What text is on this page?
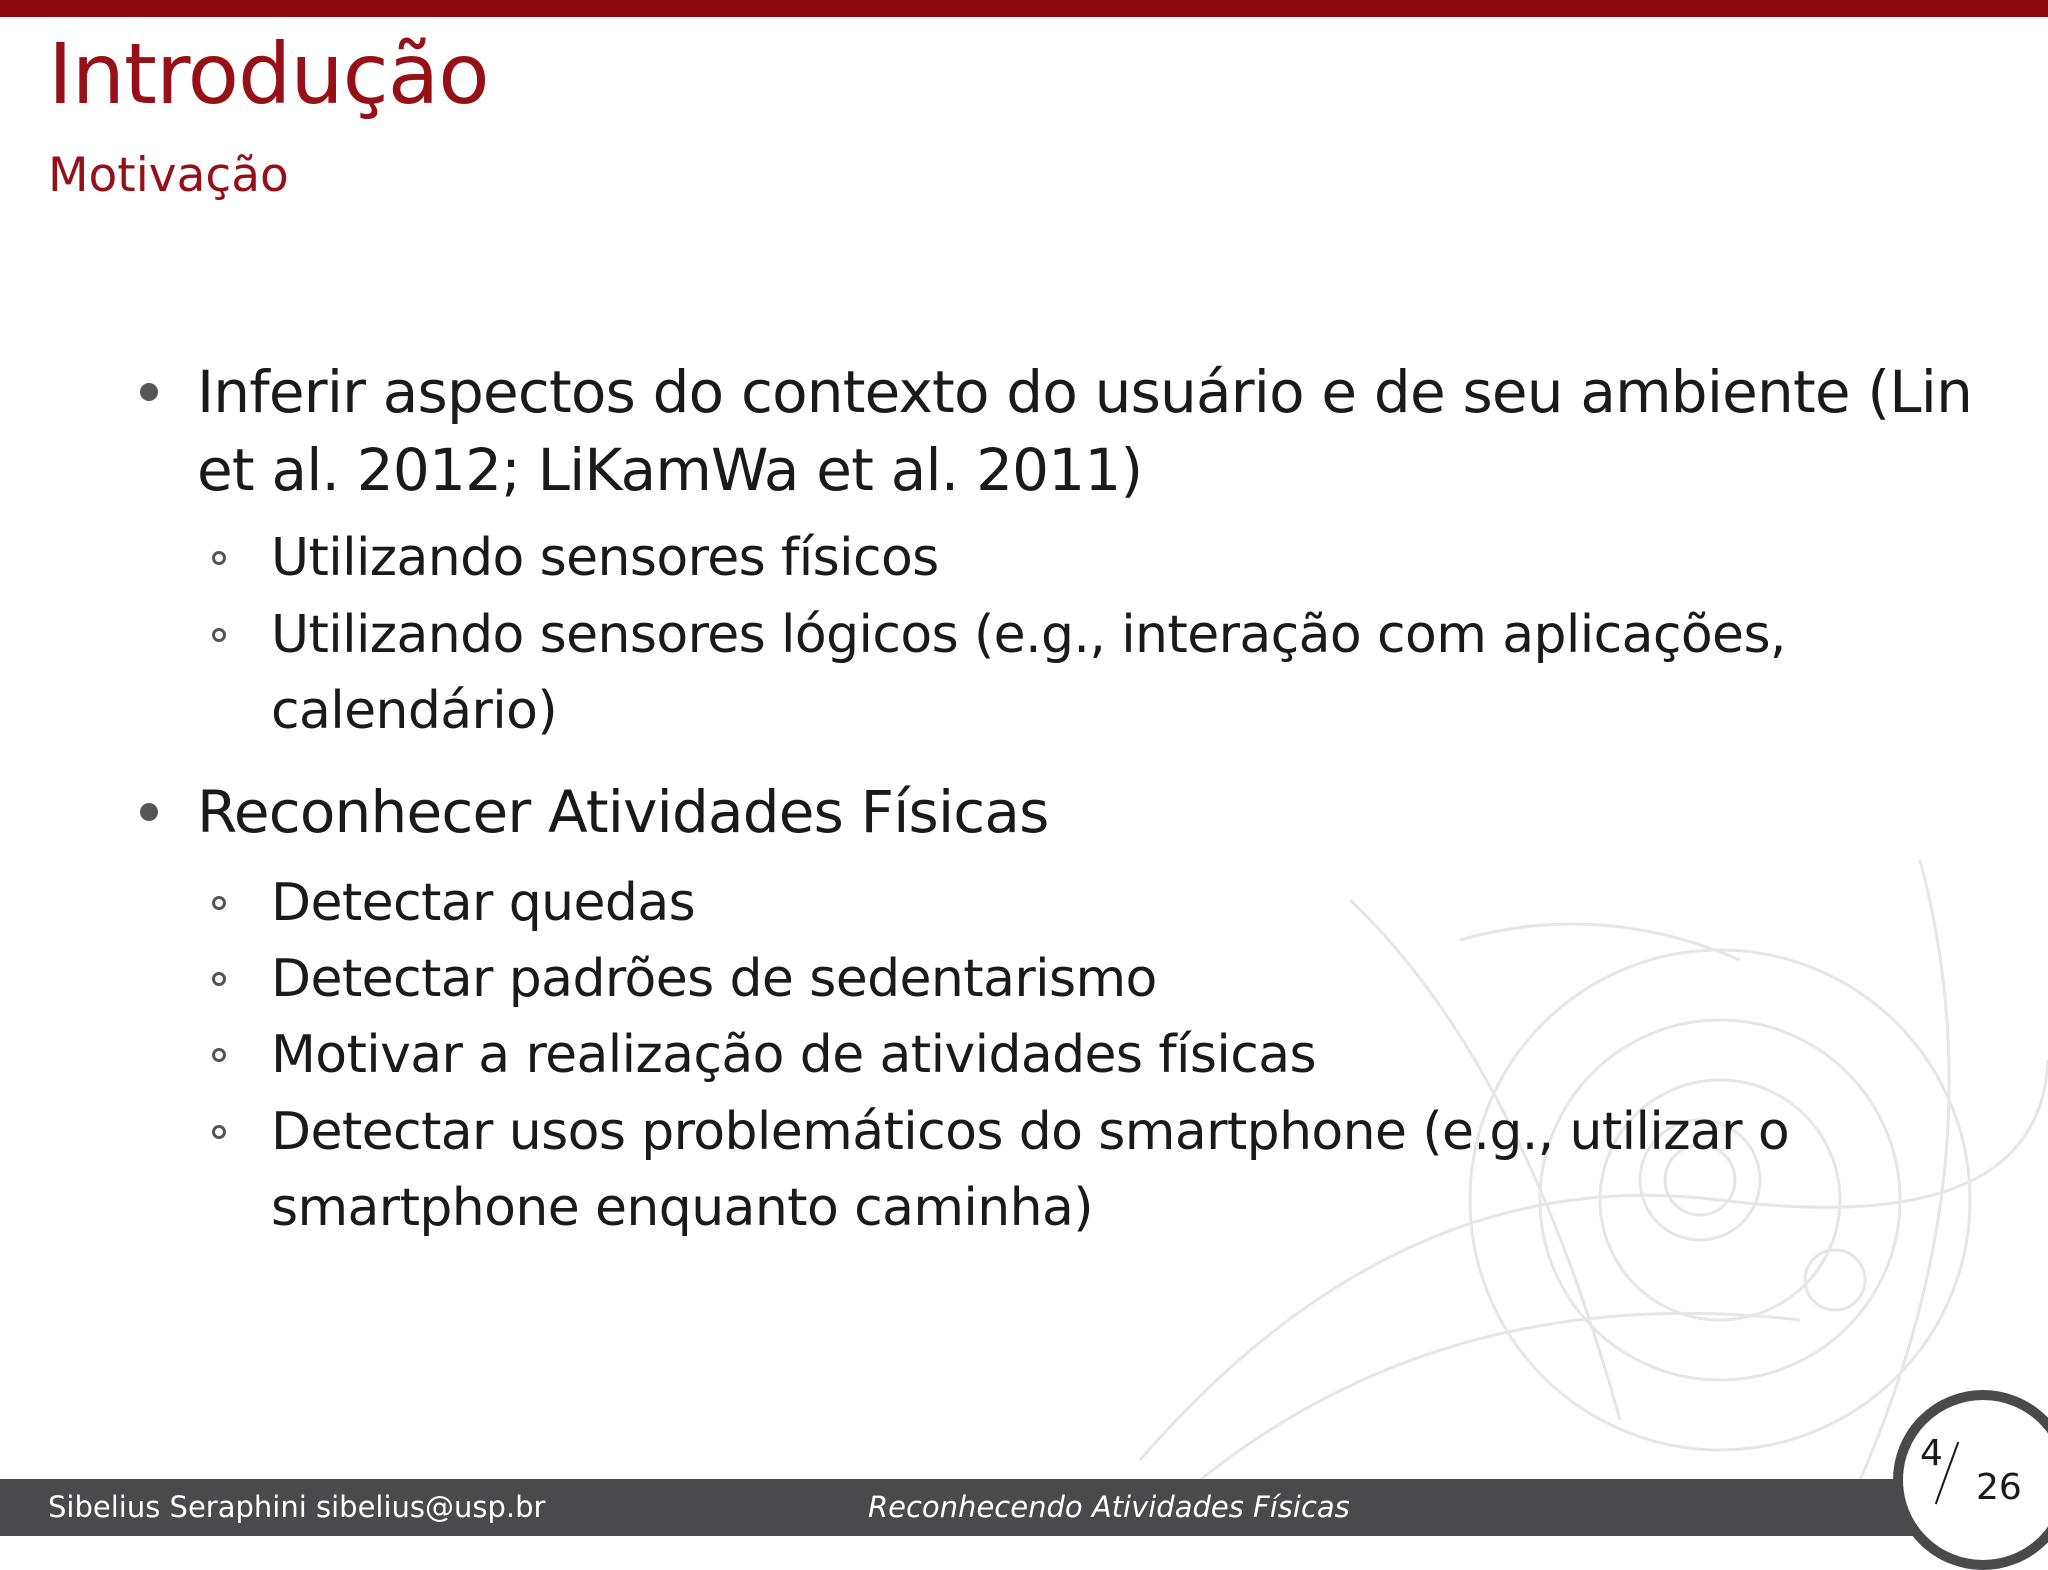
Introdução
Motivação
Inferir aspectos do contexto do usuário e de seu ambiente (Lin
et al. 2012; LiKamWa et al. 2011)
Utilizando sensores físicos
Utilizando sensores lógicos (e.g., interação com aplicações,
calendário)
Reconhecer Atividades Físicas
Detectar quedas
Detectar padrões de sedentarismo
Motivar a realização de atividades físicas
Detectar usos problemáticos do smartphone (e.g., utilizar o
smartphone enquanto caminha)
Sibelius Seraphini sibelius@usp.br	Reconhecendo Atividades Físicas
4
26
